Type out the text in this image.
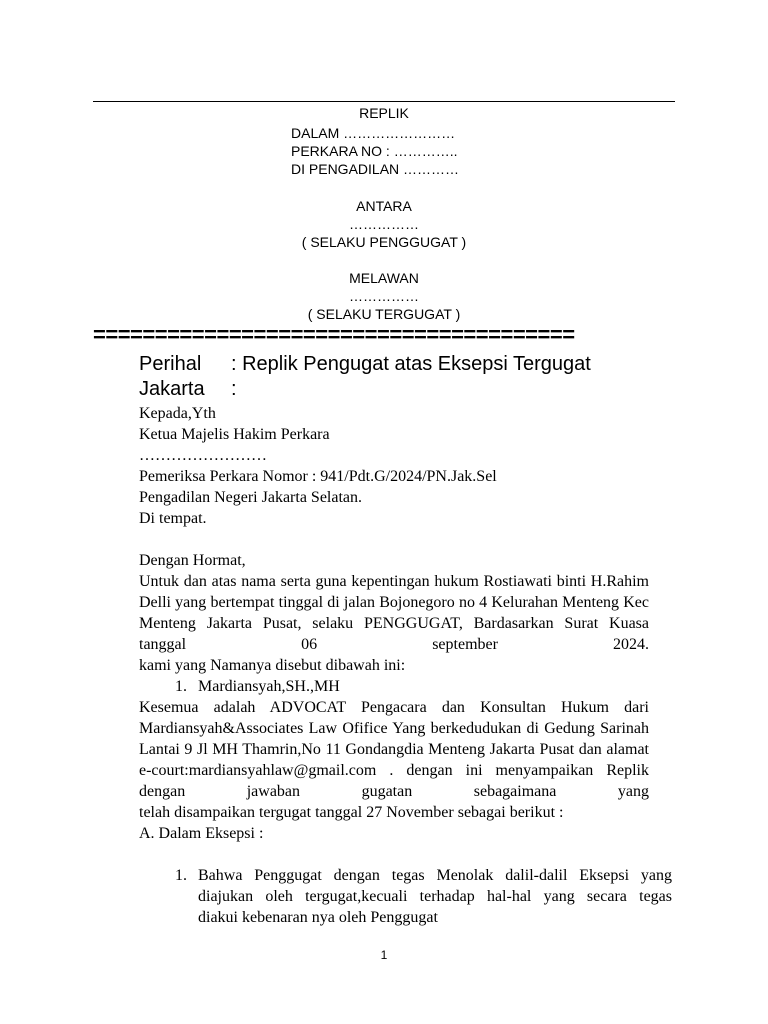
REPLIK
DALAM ……………………
PERKARA NO : …………..
DI PENGADILAN …………
ANTARA
……………
( SELAKU PENGGUGAT )
MELAWAN
……………
( SELAKU TERGUGAT )
=======================================
Perihal : Replik Pengugat atas Eksepsi Tergugat
Jakarta :
Kepada,Yth
Ketua Majelis Hakim Perkara
……………………
Pemeriksa Perkara Nomor : 941/Pdt.G/2024/PN.Jak.Sel
Pengadilan Negeri Jakarta Selatan.
Di tempat.
Dengan Hormat,
Untuk dan atas nama serta guna kepentingan hukum Rostiawati binti H.Rahim Delli yang bertempat tinggal di jalan Bojonegoro no 4 Kelurahan Menteng Kec Menteng Jakarta Pusat, selaku PENGGUGAT, Bardasarkan Surat Kuasa tanggal 06 september 2024.
kami yang Namanya disebut dibawah ini:
1. Mardiansyah,SH.,MH
Kesemua adalah ADVOCAT Pengacara dan Konsultan Hukum dari Mardiansyah&Associates Law Ofifice Yang berkedudukan di Gedung Sarinah Lantai 9 Jl MH Thamrin,No 11 Gondangdia Menteng Jakarta Pusat dan alamat e-court:mardiansyahlaw@gmail.com . dengan ini menyampaikan Replik dengan jawaban gugatan sebagaimana yang
telah disampaikan tergugat tanggal 27 November sebagai berikut :
A. Dalam Eksepsi :
1. Bahwa Penggugat dengan tegas Menolak dalil-dalil Eksepsi yang diajukan oleh tergugat,kecuali terhadap hal-hal yang secara tegas
diakui kebenaran nya oleh Penggugat
1
